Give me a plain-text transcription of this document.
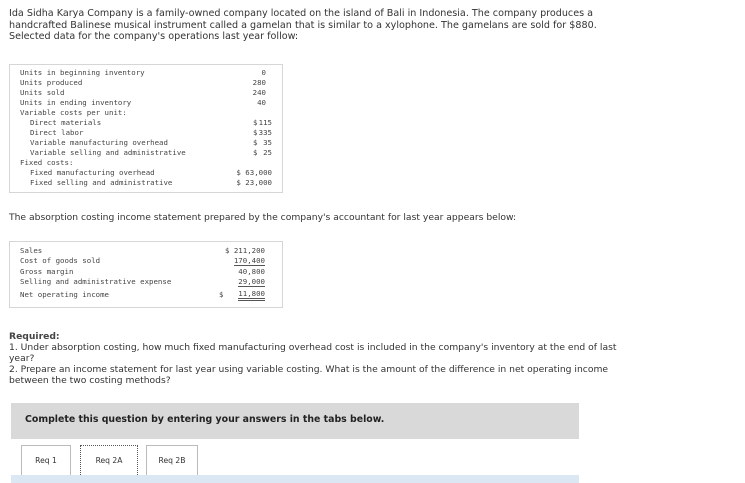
Ida Sidha Karya Company is a family-owned company located on the island of Bali in Indonesia. The company produces a handcrafted Balinese musical instrument called a gamelan that is similar to a xylophone. The gamelans are sold for $880. Selected data for the company's operations last year follow:
Units in beginning inventory	0
Units produced	280
Units sold	240
Units in ending inventory	40
Variable costs per unit:
Direct materials	$ 115
Direct labor	$ 335
Variable manufacturing overhead	$ 35
Variable selling and administrative	$ 25
Fixed costs:
Fixed manufacturing overhead	$ 63,000
Fixed selling and administrative	$ 23,000
The absorption costing income statement prepared by the company's accountant for last year appears below:
Sales	$ 211,200
Cost of goods sold	170,400
Gross margin	40,800
Selling and administrative expense	29,000
Net operating income	$ 11,800
Required:
1. Under absorption costing, how much fixed manufacturing overhead cost is included in the company's inventory at the end of last year?
2. Prepare an income statement for last year using variable costing. What is the amount of the difference in net operating income between the two costing methods?
Complete this question by entering your answers in the tabs below.
Req 1	Req 2A	Req 2B
